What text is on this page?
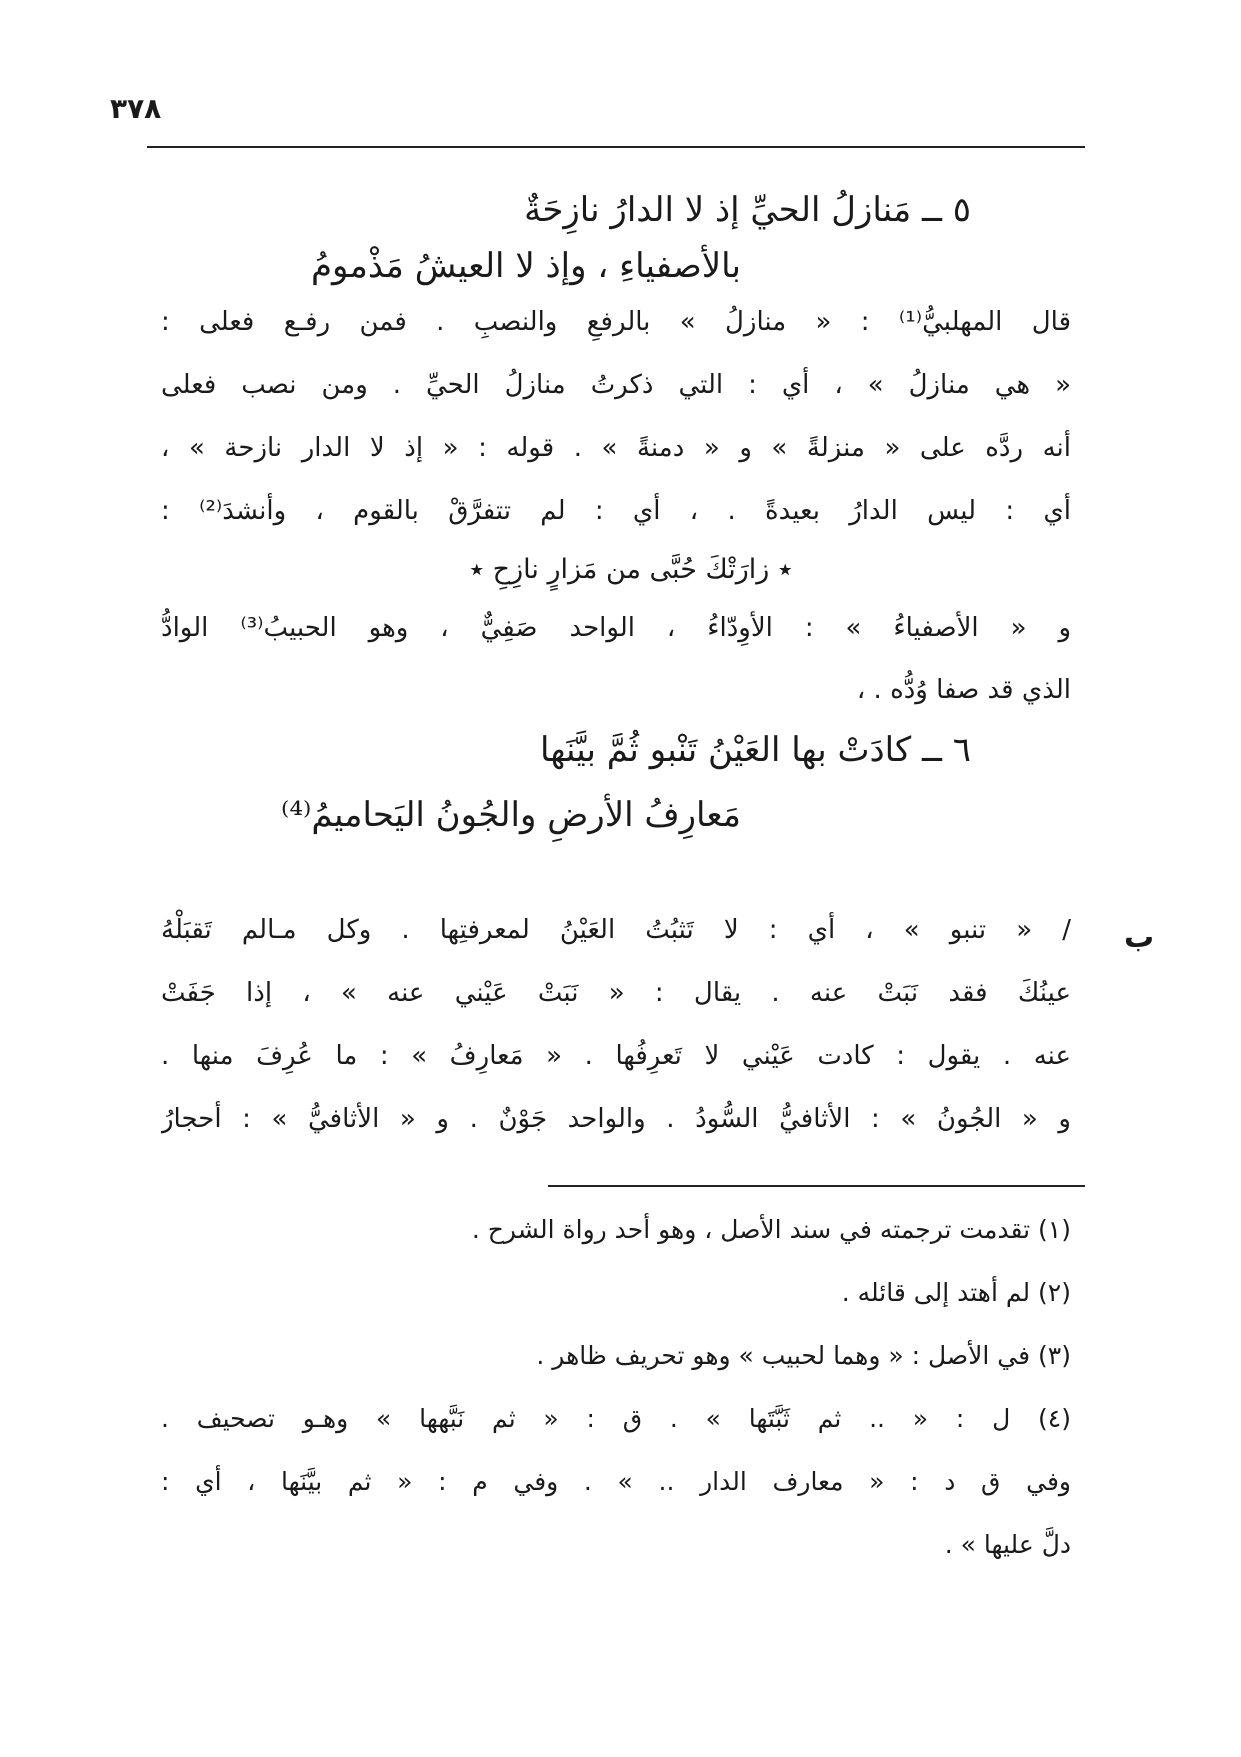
٣٧٨
٥ ــ مَنازلُ الحيِّ إذ لا الدارُ نازِحَةٌ
بالأصفياءِ ، وإذ لا العيشُ مَذْمومُ
قال المهلبيُّ⁽¹⁾ : « منازلُ » بالرفعِ والنصبِ . فمن رفـع فعلى :
« هي منازلُ » ، أي : التي ذكرتُ منازلُ الحيِّ . ومن نصب فعلى
أنه ردَّه على « منزلةً » و « دمنةً » . قوله : « إذ لا الدار نازحة » ،
أي : ليس الدارُ بعيدةً . ، أي : لم تتفرَّقْ بالقوم ، وأنشدَ⁽²⁾ :
٭ زارَتْكَ حُبَّى من مَزارٍ نازِحِ ٭
و « الأصفياءُ » : الأوِدّاءُ ، الواحد صَفِيٌّ ، وهو الحبيبُ⁽³⁾ الوادُّ
الذي قد صفا وُدُّه . ،
٦ ــ كادَتْ بها العَيْنُ تَنْبو ثُمَّ بيَّنَها
مَعارِفُ الأرضِ والجُونُ اليَحاميمُ⁽⁴⁾
ب
/ « تنبو » ، أي : لا تَثبُتُ العَيْنُ لمعرفتِها . وكل مـالم تَقبَلْهُ
عينُكَ فقد نَبَتْ عنه . يقال : « نَبَتْ عَيْني عنه » ، إذا جَفَتْ
عنه . يقول : كادت عَيْني لا تَعرِفُها . « مَعارِفُ » : ما عُرِفَ منها .
و « الجُونُ » : الأثافيُّ السُّودُ . والواحد جَوْنٌ . و « الأثافيُّ » : أحجارُ
(١) تقدمت ترجمته في سند الأصل ، وهو أحد رواة الشرح .
(٢) لم أهتد إلى قائله .
(٣) في الأصل : « وهما لحبيب » وهو تحريف ظاهر .
(٤) ل : « .. ثم ثَبَّتَها » . ق : « ثم نَبَّهها » وهـو تصحيف .
وفي ق د : « معارف الدار .. » . وفي م : « ثم بيَّنَها ، أي :
دلَّ عليها » .
